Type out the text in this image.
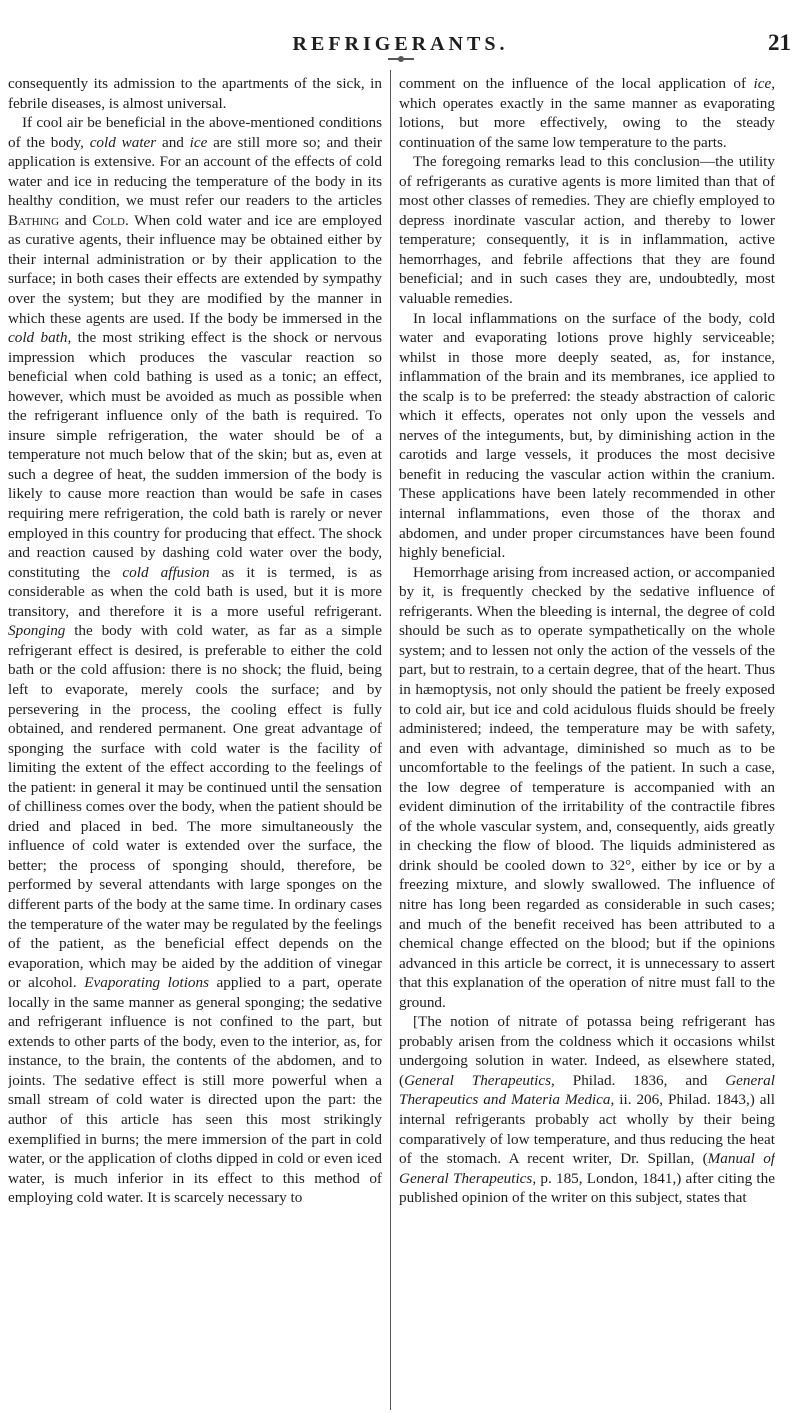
REFRIGERANTS.	21

consequently its admission to the apartments of the sick, in febrile diseases, is almost universal.

If cool air be beneficial in the above-mentioned conditions of the body, cold water and ice are still more so; and their application is extensive. For an account of the effects of cold water and ice in reducing the temperature of the body in its healthy condition, we must refer our readers to the articles Bathing and Cold. When cold water and ice are employed as curative agents, their influence may be obtained either by their internal administration or by their application to the surface; in both cases their effects are extended by sympathy over the system; but they are modified by the manner in which these agents are used. If the body be immersed in the cold bath, the most striking effect is the shock or nervous impression which produces the vascular reaction so beneficial when cold bathing is used as a tonic; an effect, however, which must be avoided as much as possible when the refrigerant influence only of the bath is required. To insure simple refrigeration, the water should be of a temperature not much below that of the skin; but as, even at such a degree of heat, the sudden immersion of the body is likely to cause more reaction than would be safe in cases requiring mere refrigeration, the cold bath is rarely or never employed in this country for producing that effect. The shock and reaction caused by dashing cold water over the body, constituting the cold affusion as it is termed, is as considerable as when the cold bath is used, but it is more transitory, and therefore it is a more useful refrigerant. Sponging the body with cold water, as far as a simple refrigerant effect is desired, is preferable to either the cold bath or the cold affusion: there is no shock; the fluid, being left to evaporate, merely cools the surface; and by persevering in the process, the cooling effect is fully obtained, and rendered permanent. One great advantage of sponging the surface with cold water is the facility of limiting the extent of the effect according to the feelings of the patient: in general it may be continued until the sensation of chilliness comes over the body, when the patient should be dried and placed in bed. The more simultaneously the influence of cold water is extended over the surface, the better; the process of sponging should, therefore, be performed by several attendants with large sponges on the different parts of the body at the same time. In ordinary cases the temperature of the water may be regulated by the feelings of the patient, as the beneficial effect depends on the evaporation, which may be aided by the addition of vinegar or alcohol. Evaporating lotions applied to a part, operate locally in the same manner as general sponging; the sedative and refrigerant influence is not confined to the part, but extends to other parts of the body, even to the interior, as, for instance, to the brain, the contents of the abdomen, and to joints. The sedative effect is still more powerful when a small stream of cold water is directed upon the part: the author of this article has seen this most strikingly exemplified in burns; the mere immersion of the part in cold water, or the application of cloths dipped in cold or even iced water, is much inferior in its effect to this method of employing cold water. It is scarcely necessary to

comment on the influence of the local application of ice, which operates exactly in the same manner as evaporating lotions, but more effectively, owing to the steady continuation of the same low temperature to the parts.

The foregoing remarks lead to this conclusion—the utility of refrigerants as curative agents is more limited than that of most other classes of remedies. They are chiefly employed to depress inordinate vascular action, and thereby to lower temperature; consequently, it is in inflammation, active hemorrhages, and febrile affections that they are found beneficial; and in such cases they are, undoubtedly, most valuable remedies.

In local inflammations on the surface of the body, cold water and evaporating lotions prove highly serviceable; whilst in those more deeply seated, as, for instance, inflammation of the brain and its membranes, ice applied to the scalp is to be preferred: the steady abstraction of caloric which it effects, operates not only upon the vessels and nerves of the integuments, but, by diminishing action in the carotids and large vessels, it produces the most decisive benefit in reducing the vascular action within the cranium. These applications have been lately recommended in other internal inflammations, even those of the thorax and abdomen, and under proper circumstances have been found highly beneficial.

Hemorrhage arising from increased action, or accompanied by it, is frequently checked by the sedative influence of refrigerants. When the bleeding is internal, the degree of cold should be such as to operate sympathetically on the whole system; and to lessen not only the action of the vessels of the part, but to restrain, to a certain degree, that of the heart. Thus in hæmoptysis, not only should the patient be freely exposed to cold air, but ice and cold acidulous fluids should be freely administered; indeed, the temperature may be with safety, and even with advantage, diminished so much as to be uncomfortable to the feelings of the patient. In such a case, the low degree of temperature is accompanied with an evident diminution of the irritability of the contractile fibres of the whole vascular system, and, consequently, aids greatly in checking the flow of blood. The liquids administered as drink should be cooled down to 32°, either by ice or by a freezing mixture, and slowly swallowed. The influence of nitre has long been regarded as considerable in such cases; and much of the benefit received has been attributed to a chemical change effected on the blood; but if the opinions advanced in this article be correct, it is unnecessary to assert that this explanation of the operation of nitre must fall to the ground.

[The notion of nitrate of potassa being refrigerant has probably arisen from the coldness which it occasions whilst undergoing solution in water. Indeed, as elsewhere stated, (General Therapeutics, Philad. 1836, and General Therapeutics and Materia Medica, ii. 206, Philad. 1843,) all internal refrigerants probably act wholly by their being comparatively of low temperature, and thus reducing the heat of the stomach. A recent writer, Dr. Spillan, (Manual of General Therapeutics, p. 185, London, 1841,) after citing the published opinion of the writer on this subject, states that
